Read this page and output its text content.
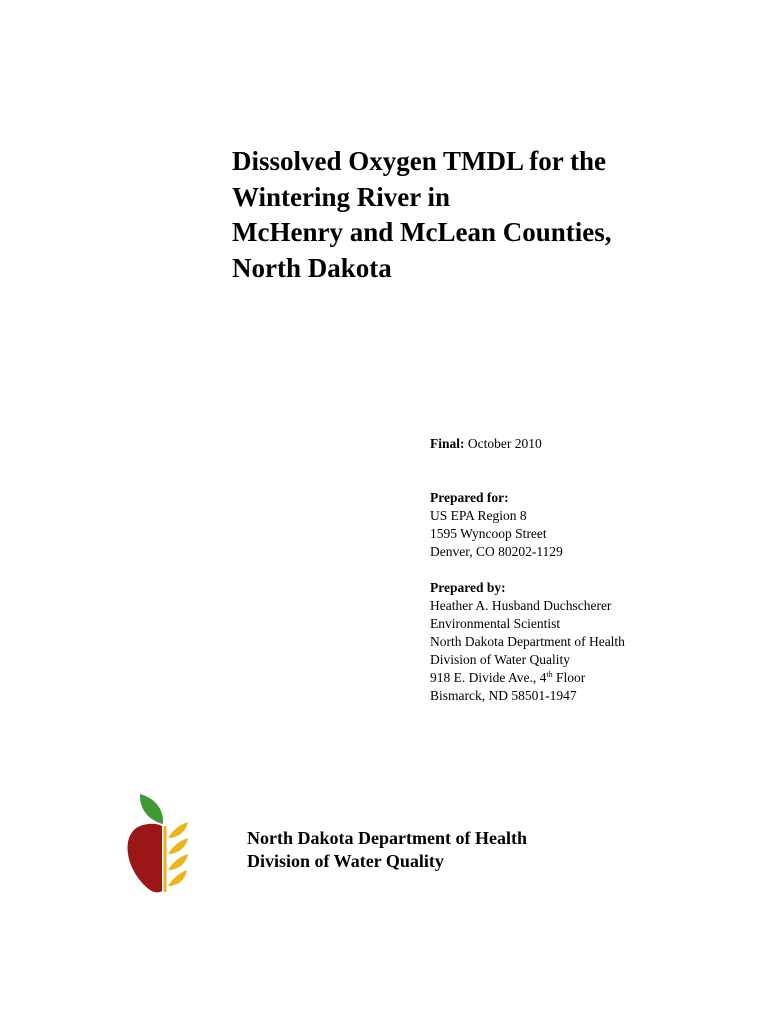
Dissolved Oxygen TMDL for the
Wintering River in
McHenry and McLean Counties,
North Dakota
Final: October 2010
Prepared for:
US EPA Region 8
1595 Wyncoop Street
Denver, CO 80202-1129
Prepared by:
Heather A. Husband Duchscherer
Environmental Scientist
North Dakota Department of Health
Division of Water Quality
918 E. Divide Ave., 4th Floor
Bismarck, ND 58501-1947
North Dakota Department of Health
Division of Water Quality
